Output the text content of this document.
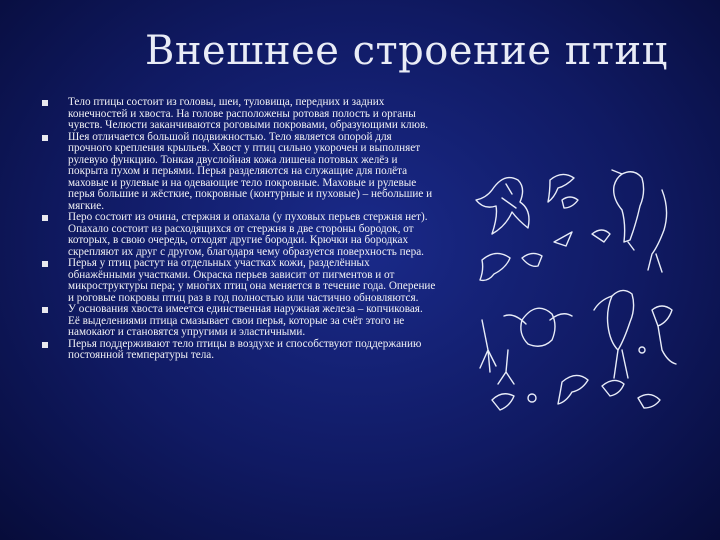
Внешнее строение птиц
Тело птицы состоит из головы, шеи, туловища, передних и задних конечностей и хвоста. На голове расположены ротовая полость и органы чувств. Челюсти заканчиваются роговыми покровами, образующими клюв.
Шея отличается большой подвижностью. Тело является опорой для прочного крепления крыльев. Хвост у птиц сильно укорочен и выполняет рулевую функцию. Тонкая двуслойная кожа лишена потовых желёз и покрыта пухом и перьями. Перья разделяются на служащие для полёта маховые и рулевые и на одевающие тело покровные. Маховые и рулевые перья большие и жёсткие, покровные (контурные и пуховые) – небольшие и мягкие.
Перо состоит из очина, стержня и опахала (у пуховых перьев стержня нет). Опахало состоит из расходящихся от стержня в две стороны бородок, от которых, в свою очередь, отходят другие бородки. Крючки на бородках скрепляют их друг с другом, благодаря чему образуется поверхность пера.
Перья у птиц растут на отдельных участках кожи, разделённых обнажёнными участками. Окраска перьев зависит от пигментов и от микроструктуры пера; у многих птиц она меняется в течение года. Оперение и роговые покровы птиц раз в год полностью или частично обновляются.
У основания хвоста имеется единственная наружная железа – копчиковая. Её выделениями птица смазывает свои перья, которые за счёт этого не намокают и становятся упругими и эластичными.
Перья поддерживают тело птицы в воздухе и способствуют поддержанию постоянной температуры тела.
